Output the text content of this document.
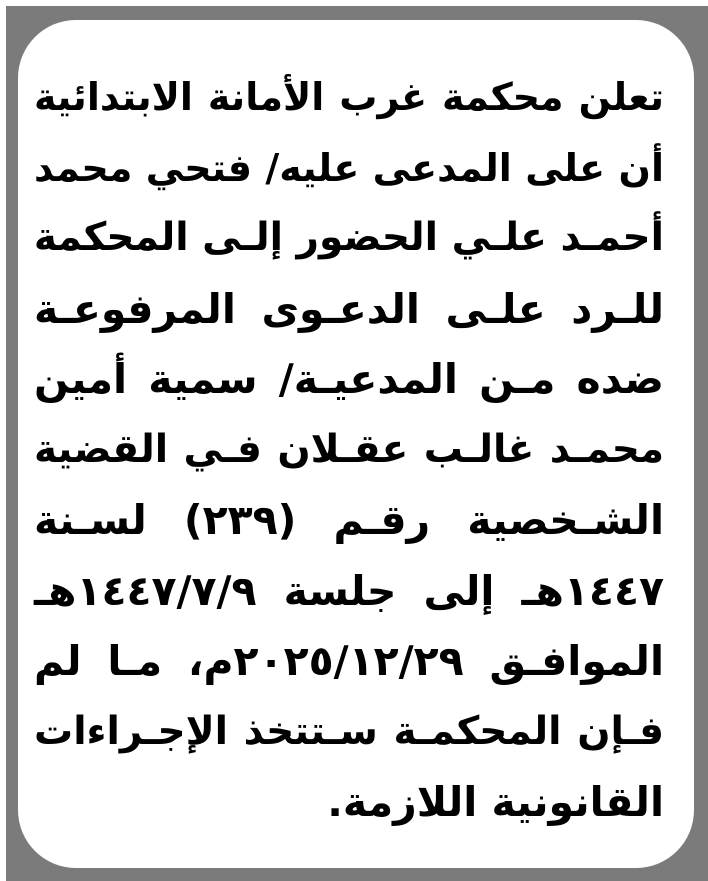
تعلن محكمة غرب الأمانة الابتدائية
أن على المدعى عليه/ فتحي محمد
أحمـد علـي الحضور إلـى المحكمة
للـرد علـى الدعـوى المرفوعـة
ضده مـن المدعيـة/ سمية أمين
محمـد غالـب عقـلان فـي القضية
الشـخصية رقـم (٢٣٩) لسـنة
١٤٤٧هـ إلى جلسة ١٤٤٧/٧/٩هـ
الموافـق ٢٠٢٥/١٢/٢٩م، مـا لم
فـإن المحكمـة سـتتخذ الإجـراءات
القانونية اللازمة.
